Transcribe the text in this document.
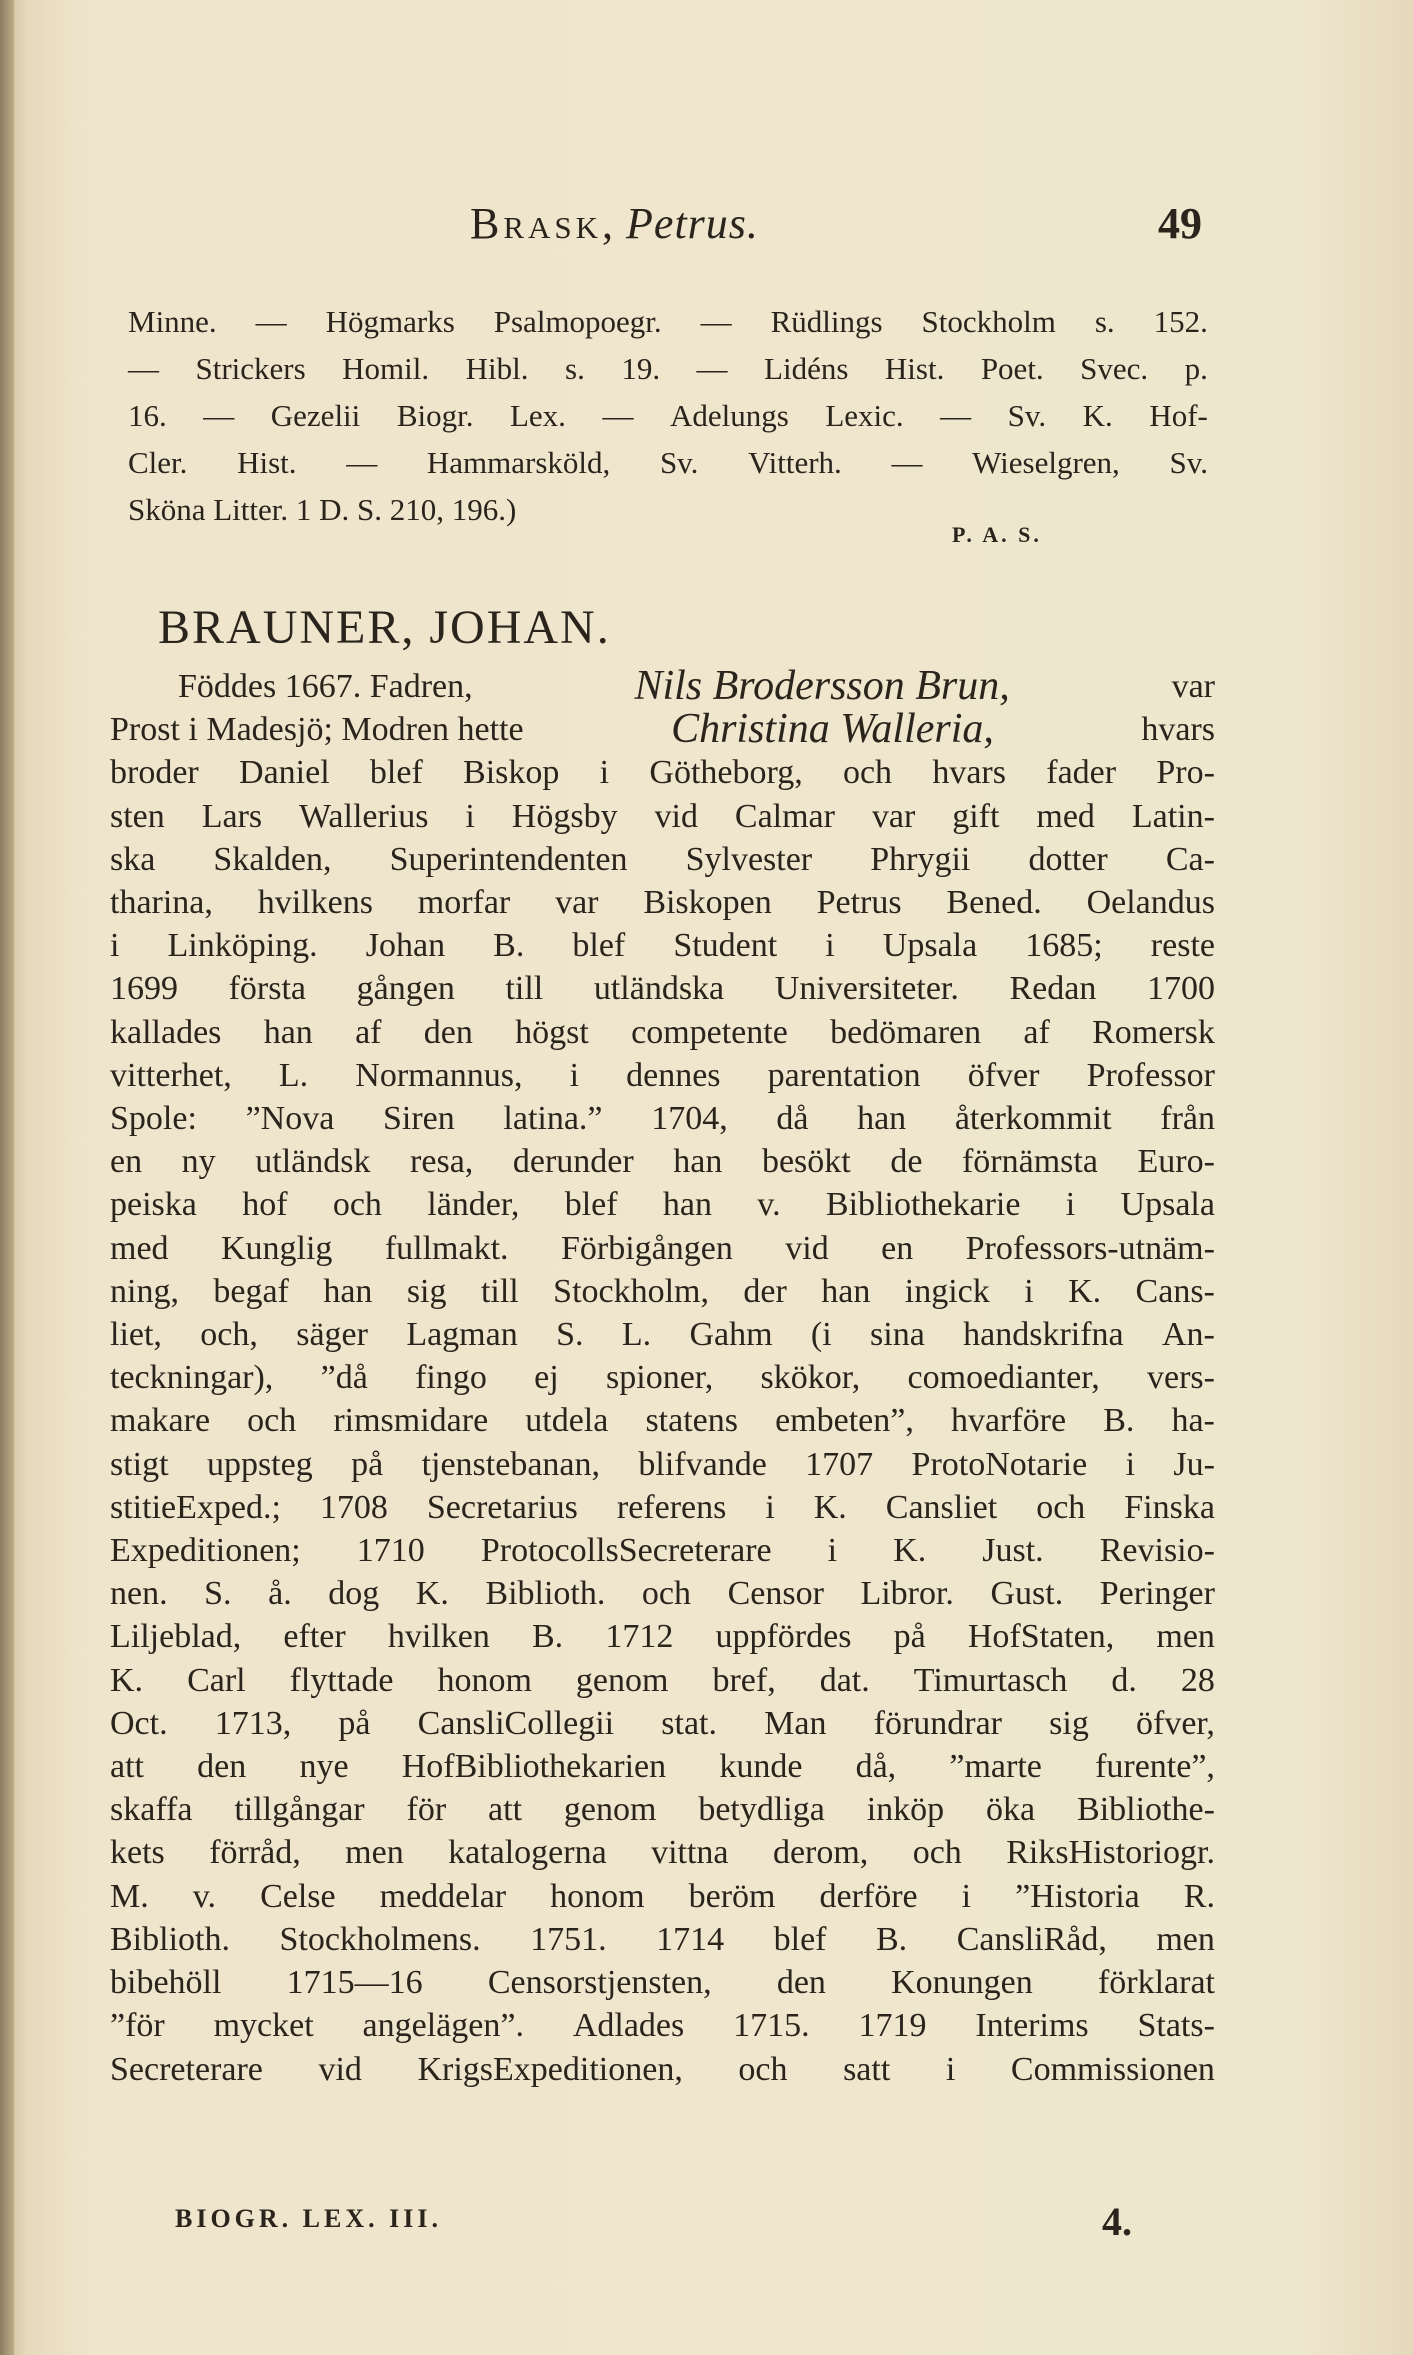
Brask, Petrus.	49
Minne. — Högmarks Psalmopoegr. — Rüdlings Stockholm s. 152.
— Strickers Homil. Hibl. s. 19. — Lidéns Hist. Poet. Svec. p.
16. — Gezelii Biogr. Lex. — Adelungs Lexic. — Sv. K. Hof-
Cler. Hist. — Hammarsköld, Sv. Vitterh. — Wieselgren, Sv.
Sköna Litter. 1 D. S. 210, 196.)
P. A. S.
BRAUNER, JOHAN.
Föddes 1667. Fadren,	Nils Brodersson Brun,	var
Prost i Madesjö; Modren hette	Christina Walleria,	hvars
broder Daniel blef Biskop i Götheborg, och hvars fader Pro-
sten Lars Wallerius i Högsby vid Calmar var gift med Latin-
ska Skalden, Superintendenten Sylvester Phrygii dotter Ca-
tharina, hvilkens morfar var Biskopen Petrus Bened. Oelandus
i Linköping. Johan B. blef Student i Upsala 1685; reste
1699 första gången till utländska Universiteter. Redan 1700
kallades han af den högst competente bedömaren af Romersk
vitterhet, L. Normannus, i dennes parentation öfver Professor
Spole: ”Nova Siren latina.” 1704, då han återkommit från
en ny utländsk resa, derunder han besökt de förnämsta Euro-
peiska hof och länder, blef han v. Bibliothekarie i Upsala
med Kunglig fullmakt. Förbigången vid en Professors-utnäm-
ning, begaf han sig till Stockholm, der han ingick i K. Cans-
liet, och, säger Lagman S. L. Gahm (i sina handskrifna An-
teckningar), ”då fingo ej spioner, skökor, comoedianter, vers-
makare och rimsmidare utdela statens embeten”, hvarföre B. ha-
stigt uppsteg på tjenstebanan, blifvande 1707 ProtoNotarie i Ju-
stitieExped.; 1708 Secretarius referens i K. Cansliet och Finska
Expeditionen; 1710 ProtocollsSecreterare i K. Just. Revisio-
nen. S. å. dog K. Biblioth. och Censor Libror. Gust. Peringer
Liljeblad, efter hvilken B. 1712 uppfördes på HofStaten, men
K. Carl flyttade honom genom bref, dat. Timurtasch d. 28
Oct. 1713, på CansliCollegii stat. Man förundrar sig öfver,
att den nye HofBibliothekarien kunde då, ”marte furente”,
skaffa tillgångar för att genom betydliga inköp öka Bibliothe-
kets förråd, men katalogerna vittna derom, och RiksHistoriogr.
M. v. Celse meddelar honom beröm derföre i ”Historia R.
Biblioth. Stockholmens. 1751. 1714 blef B. CansliRåd, men
bibehöll 1715—16 Censorstjensten, den Konungen förklarat
”för mycket angelägen”. Adlades 1715. 1719 Interims Stats-
Secreterare vid KrigsExpeditionen, och satt i Commissionen
BIOGR. LEX. III.	4.
